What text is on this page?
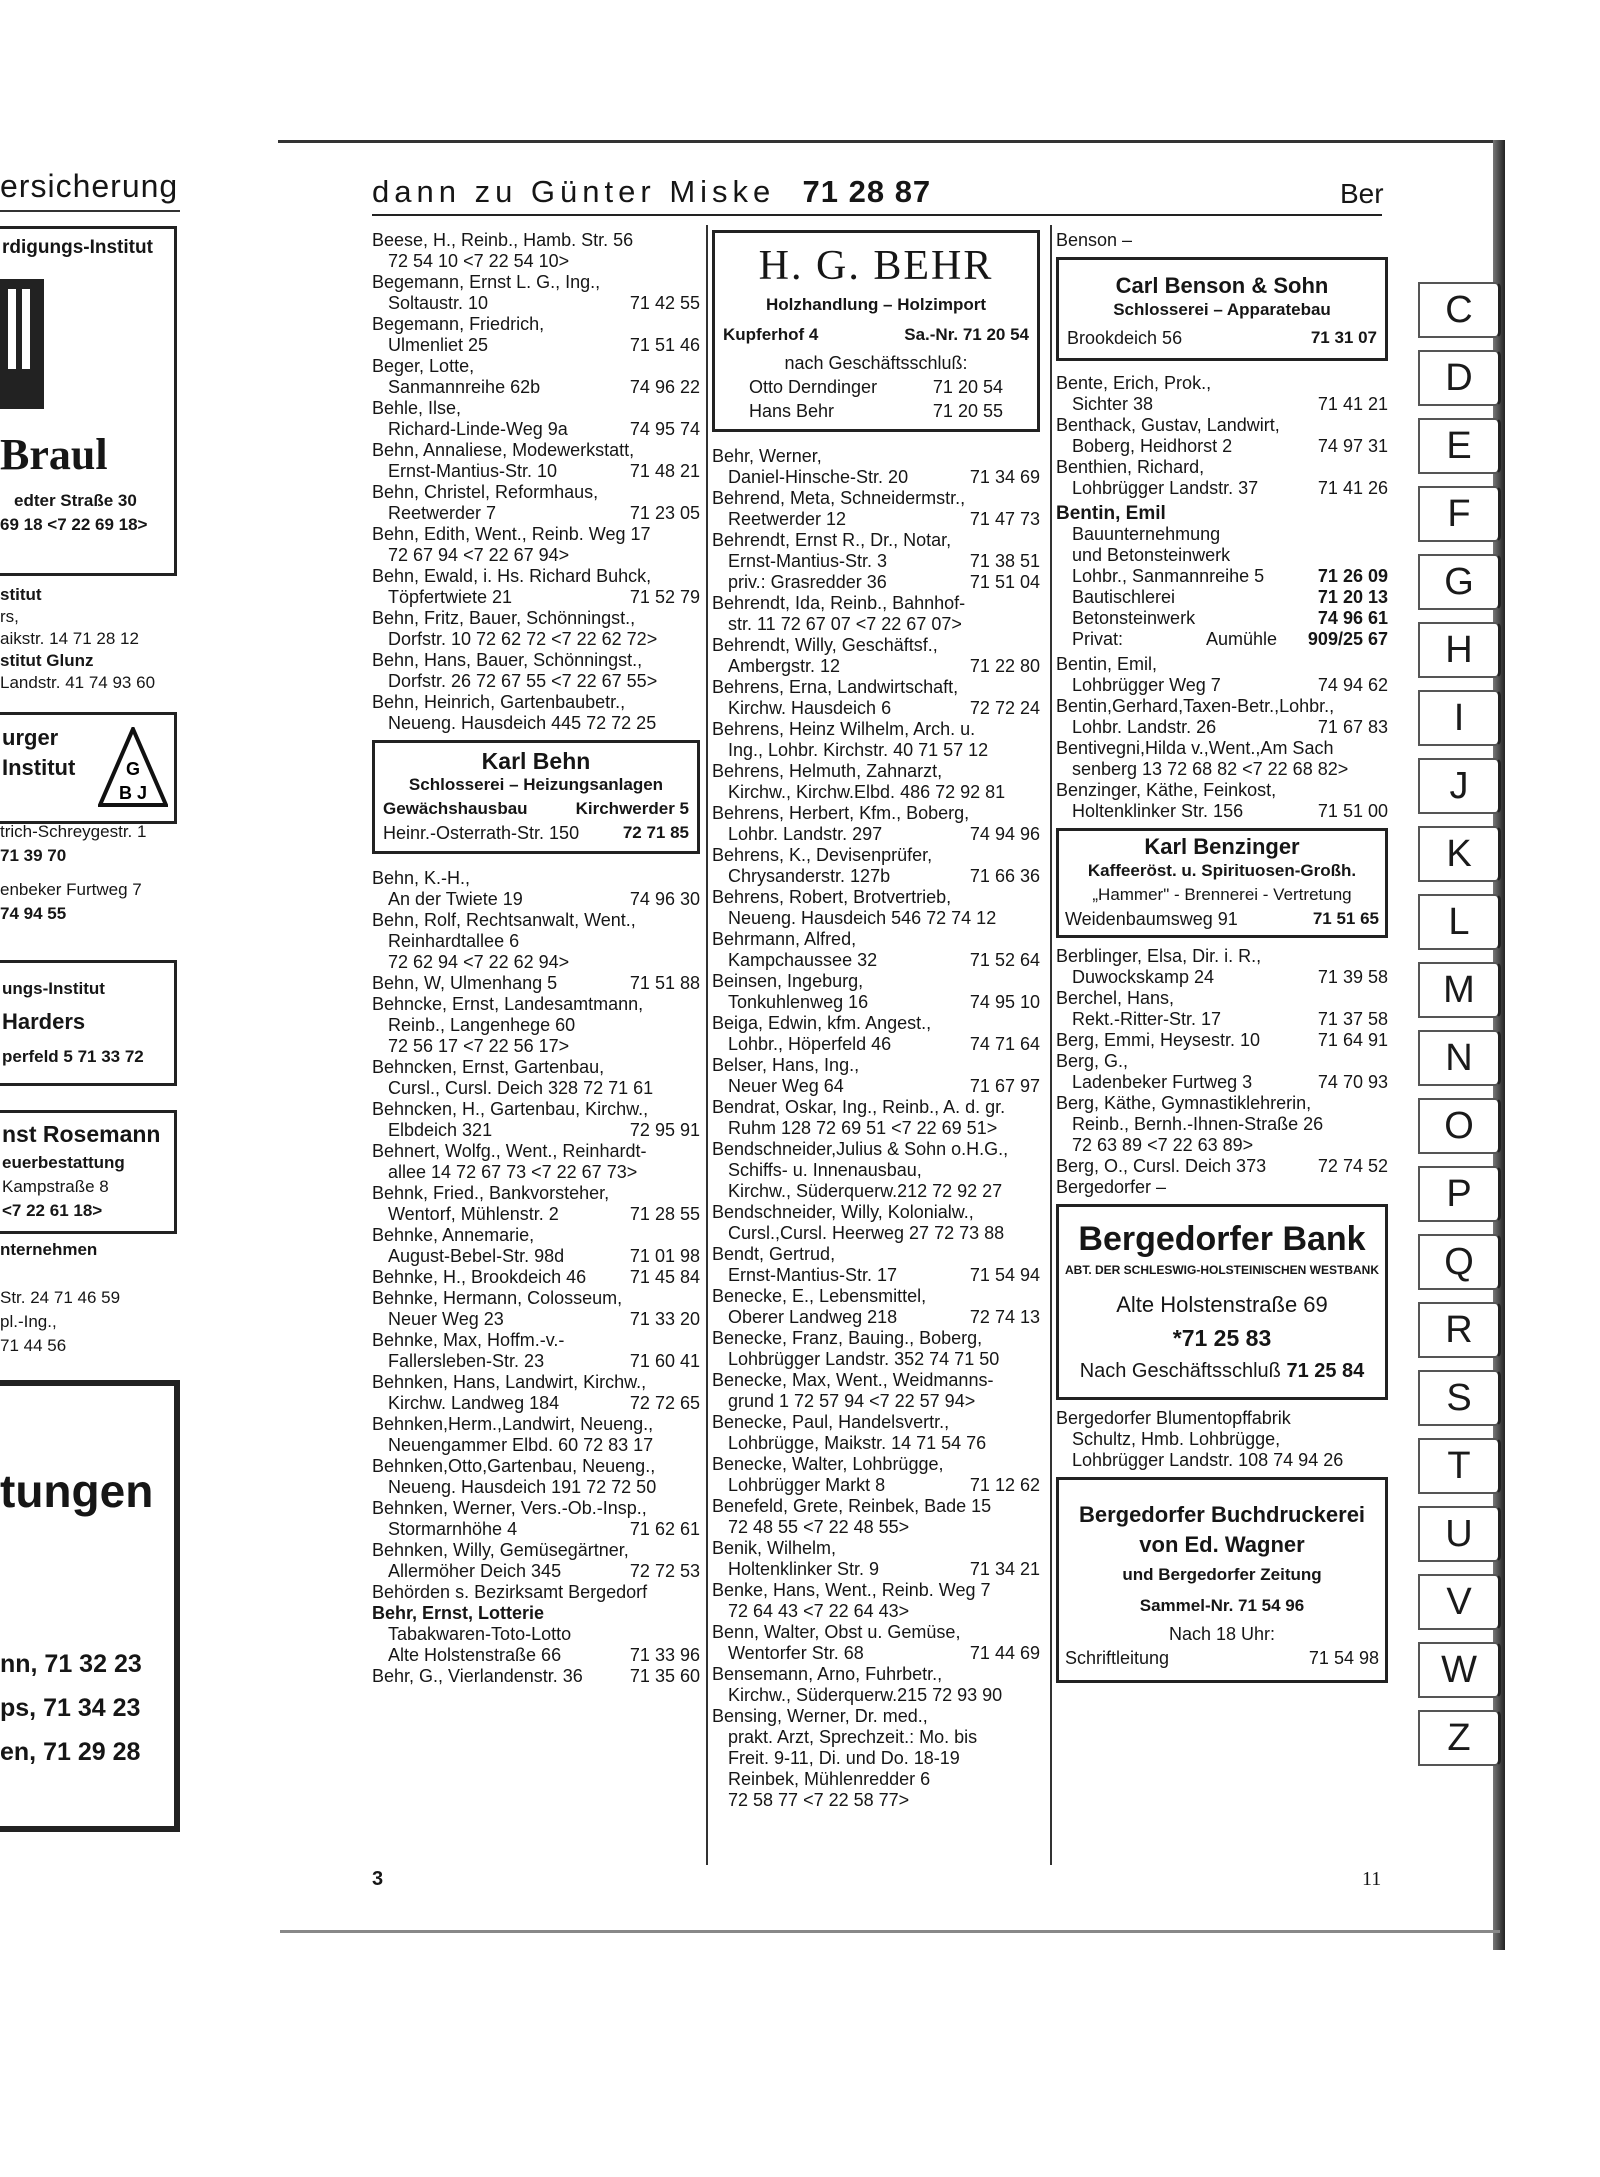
ersicherung
rdigungs-Institut
Braul
edter Straße 30
69 18 <7 22 69 18>
stitut
rs,
aikstr. 14 71 28 12
stitut Glunz
Landstr. 41 74 93 60
urger
Institut	G
B J
trich-Schreygestr. 1
71 39 70
enbeker Furtweg 7
74 94 55
ungs-Institut
Harders
perfeld 5 71 33 72
nst Rosemann
euerbestattung
Kampstraße 8
<7 22 61 18>
nternehmen
Str. 24 71 46 59
pl.-Ing.,
71 44 56
tungen
nn, 71 32 23
ps, 71 34 23
en, 71 29 28
dann zu Günter Miske 71 28 87	Ber
Beese, H., Reinb., Hamb. Str. 56
72 54 10 <7 22 54 10>
Begemann, Ernst L. G., Ing.,
Soltaustr. 10	71 42 55
Begemann, Friedrich,
Ulmenliet 25	71 51 46
Beger, Lotte,
Sanmannreihe 62b	74 96 22
Behle, Ilse,
Richard-Linde-Weg 9a	74 95 74
Behn, Annaliese, Modewerkstatt,
Ernst-Mantius-Str. 10	71 48 21
Behn, Christel, Reformhaus,
Reetwerder 7	71 23 05
Behn, Edith, Went., Reinb. Weg 17
72 67 94 <7 22 67 94>
Behn, Ewald, i. Hs. Richard Buhck,
Töpfertwiete 21	71 52 79
Behn, Fritz, Bauer, Schönningst.,
Dorfstr. 10 72 62 72 <7 22 62 72>
Behn, Hans, Bauer, Schönningst.,
Dorfstr. 26 72 67 55 <7 22 67 55>
Behn, Heinrich, Gartenbaubetr.,
Neueng. Hausdeich 445 72 72 25
Karl Behn
Schlosserei – Heizungsanlagen
Gewächshausbau	Kirchwerder 5
Heinr.-Osterrath-Str. 150	72 71 85
Behn, K.-H.,
An der Twiete 19	74 96 30
Behn, Rolf, Rechtsanwalt, Went.,
Reinhardtallee 6
72 62 94 <7 22 62 94>
Behn, W, Ulmenhang 5	71 51 88
Behncke, Ernst, Landesamtmann,
Reinb., Langenhege 60
72 56 17 <7 22 56 17>
Behncken, Ernst, Gartenbau,
Cursl., Cursl. Deich 328 72 71 61
Behncken, H., Gartenbau, Kirchw.,
Elbdeich 321	72 95 91
Behnert, Wolfg., Went., Reinhardt-
allee 14 72 67 73 <7 22 67 73>
Behnk, Fried., Bankvorsteher,
Wentorf, Mühlenstr. 2	71 28 55
Behnke, Annemarie,
August-Bebel-Str. 98d	71 01 98
Behnke, H., Brookdeich 46 71 45 84
Behnke, Hermann, Colosseum,
Neuer Weg 23	71 33 20
Behnke, Max, Hoffm.-v.-
Fallersleben-Str. 23	71 60 41
Behnken, Hans, Landwirt, Kirchw.,
Kirchw. Landweg 184	72 72 65
Behnken,Herm.,Landwirt, Neueng.,
Neuengammer Elbd. 60 72 83 17
Behnken,Otto,Gartenbau, Neueng.,
Neueng. Hausdeich 191 72 72 50
Behnken, Werner, Vers.-Ob.-Insp.,
Stormarnhöhe 4	71 62 61
Behnken, Willy, Gemüsegärtner,
Allermöher Deich 345	72 72 53
Behörden s. Bezirksamt Bergedorf
Behr, Ernst, Lotterie
Tabakwaren-Toto-Lotto
Alte Holstenstraße 66	71 33 96
Behr, G., Vierlandenstr. 36	71 35 60
H. G. BEHR
Holzhandlung – Holzimport
Kupferhof 4	Sa.-Nr. 71 20 54
nach Geschäftsschluß:
Otto Derndinger	71 20 54
Hans Behr	71 20 55
Behr, Werner,
Daniel-Hinsche-Str. 20	71 34 69
Behrend, Meta, Schneidermstr.,
Reetwerder 12	71 47 73
Behrendt, Ernst R., Dr., Notar,
Ernst-Mantius-Str. 3	71 38 51
priv.: Grasredder 36	71 51 04
Behrendt, Ida, Reinb., Bahnhof-
str. 11 72 67 07 <7 22 67 07>
Behrendt, Willy, Geschäftsf.,
Ambergstr. 12	71 22 80
Behrens, Erna, Landwirtschaft,
Kirchw. Hausdeich 6	72 72 24
Behrens, Heinz Wilhelm, Arch. u.
Ing., Lohbr. Kirchstr. 40 71 57 12
Behrens, Helmuth, Zahnarzt,
Kirchw., Kirchw.Elbd. 486 72 92 81
Behrens, Herbert, Kfm., Boberg,
Lohbr. Landstr. 297	74 94 96
Behrens, K., Devisenprüfer,
Chrysanderstr. 127b	71 66 36
Behrens, Robert, Brotvertrieb,
Neueng. Hausdeich 546 72 74 12
Behrmann, Alfred,
Kampchaussee 32	71 52 64
Beinsen, Ingeburg,
Tonkuhlenweg 16	74 95 10
Beiga, Edwin, kfm. Angest.,
Lohbr., Höperfeld 46	74 71 64
Belser, Hans, Ing.,
Neuer Weg 64	71 67 97
Bendrat, Oskar, Ing., Reinb., A. d. gr.
Ruhm 128 72 69 51 <7 22 69 51>
Bendschneider,Julius & Sohn o.H.G.,
Schiffs- u. Innenausbau,
Kirchw., Süderquerw.212 72 92 27
Bendschneider, Willy, Kolonialw.,
Cursl.,Cursl. Heerweg 27 72 73 88
Bendt, Gertrud,
Ernst-Mantius-Str. 17	71 54 94
Benecke, E., Lebensmittel,
Oberer Landweg 218	72 74 13
Benecke, Franz, Bauing., Boberg,
Lohbrügger Landstr. 352 74 71 50
Benecke, Max, Went., Weidmanns-
grund 1 72 57 94 <7 22 57 94>
Benecke, Paul, Handelsvertr.,
Lohbrügge, Maikstr. 14 71 54 76
Benecke, Walter, Lohbrügge,
Lohbrügger Markt 8	71 12 62
Benefeld, Grete, Reinbek, Bade 15
72 48 55 <7 22 48 55>
Benik, Wilhelm,
Holtenklinker Str. 9	71 34 21
Benke, Hans, Went., Reinb. Weg 7
72 64 43 <7 22 64 43>
Benn, Walter, Obst u. Gemüse,
Wentorfer Str. 68	71 44 69
Bensemann, Arno, Fuhrbetr.,
Kirchw., Süderquerw.215 72 93 90
Bensing, Werner, Dr. med.,
prakt. Arzt, Sprechzeit.: Mo. bis
Freit. 9-11, Di. und Do. 18-19
Reinbek, Mühlenredder 6
72 58 77 <7 22 58 77>
Benson –
Carl Benson & Sohn
Schlosserei – Apparatebau
Brookdeich 56	71 31 07
Bente, Erich, Prok.,
Sichter 38	71 41 21
Benthack, Gustav, Landwirt,
Boberg, Heidhorst 2	74 97 31
Benthien, Richard,
Lohbrügger Landstr. 37	71 41 26
Bentin, Emil
Bauunternehmung
und Betonsteinwerk
Lohbr., Sanmannreihe 5	71 26 09
Bautischlerei	71 20 13
Betonsteinwerk	74 96 61
Privat:	Aumühle 909/25 67
Bentin, Emil,
Lohbrügger Weg 7	74 94 62
Bentin,Gerhard,Taxen-Betr.,Lohbr.,
Lohbr. Landstr. 26	71 67 83
Bentivegni,Hilda v.,Went.,Am Sach
senberg 13 72 68 82 <7 22 68 82>
Benzinger, Käthe, Feinkost,
Holtenklinker Str. 156	71 51 00
Karl Benzinger
Kaffeeröst. u. Spirituosen-Großh.
„Hammer" - Brennerei - Vertretung
Weidenbaumsweg 91	71 51 65
Berblinger, Elsa, Dir. i. R.,
Duwockskamp 24	71 39 58
Berchel, Hans,
Rekt.-Ritter-Str. 17	71 37 58
Berg, Emmi, Heysestr. 10	71 64 91
Berg, G.,
Ladenbeker Furtweg 3	74 70 93
Berg, Käthe, Gymnastiklehrerin,
Reinb., Bernh.-Ihnen-Straße 26
72 63 89 <7 22 63 89>
Berg, O., Cursl. Deich 373	72 74 52
Bergedorfer –
Bergedorfer Bank
ABT. DER SCHLESWIG-HOLSTEINISCHEN WESTBANK
Alte Holstenstraße 69
*71 25 83
Nach Geschäftsschluß 71 25 84
Bergedorfer Blumentopffabrik
Schultz, Hmb. Lohbrügge,
Lohbrügger Landstr. 108 74 94 26
Bergedorfer Buchdruckerei
von Ed. Wagner
und Bergedorfer Zeitung
Sammel-Nr. 71 54 96
Nach 18 Uhr:
Schriftleitung	71 54 98
3	11
C
D
E
F
G
H
I
J
K
L
M
N
O
P
Q
R
S
T
U
V
W
Z
